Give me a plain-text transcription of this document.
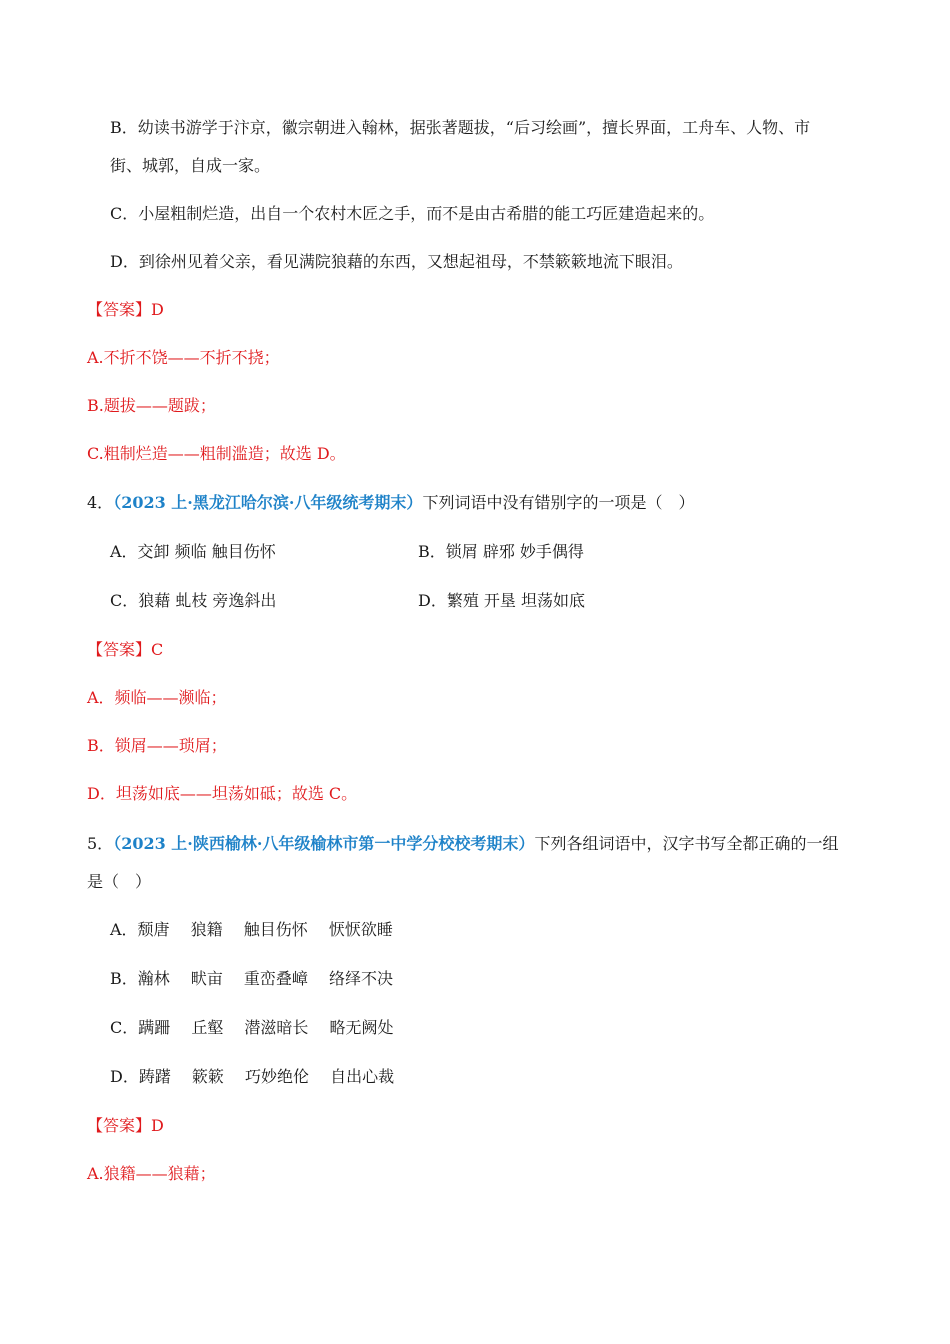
B．幼读书游学于汴京，徽宗朝进入翰林，据张著题拔，“后习绘画”，擅长界面，工舟车、人物、市
街、城郭，自成一家。
C．小屋粗制烂造，出自一个农村木匠之手，而不是由古希腊的能工巧匠建造起来的。
D．到徐州见着父亲，看见满院狼藉的东西，又想起祖母，不禁簌簌地流下眼泪。
【答案】D
A.不折不饶——不折不挠；
B.题拔——题跋；
C.粗制烂造——粗制滥造；故选 D。
4．（2023 上·黑龙江哈尔滨·八年级统考期末）下列词语中没有错别字的一项是（　）
A．交卸 频临 触目伤怀	B．锁屑 辟邪 妙手偶得
C．狼藉 虬枝 旁逸斜出	D．繁殖 开垦 坦荡如底
【答案】C
A．频临——濒临；
B．锁屑——琐屑；
D．坦荡如底——坦荡如砥；故选 C。
5．（2023 上·陕西榆林·八年级榆林市第一中学分校校考期末）下列各组词语中，汉字书写全都正确的一组
是（　）
A．颓唐　 狼籍　 触目伤怀　 恹恹欲睡
B．瀚林　 畎亩　 重峦叠嶂　 络绎不决
C．蹒跚　 丘壑　 潜滋暗长　 略无阙处
D．踌躇　 簌簌　 巧妙绝伦　 自出心裁
【答案】D
A.狼籍——狼藉；
